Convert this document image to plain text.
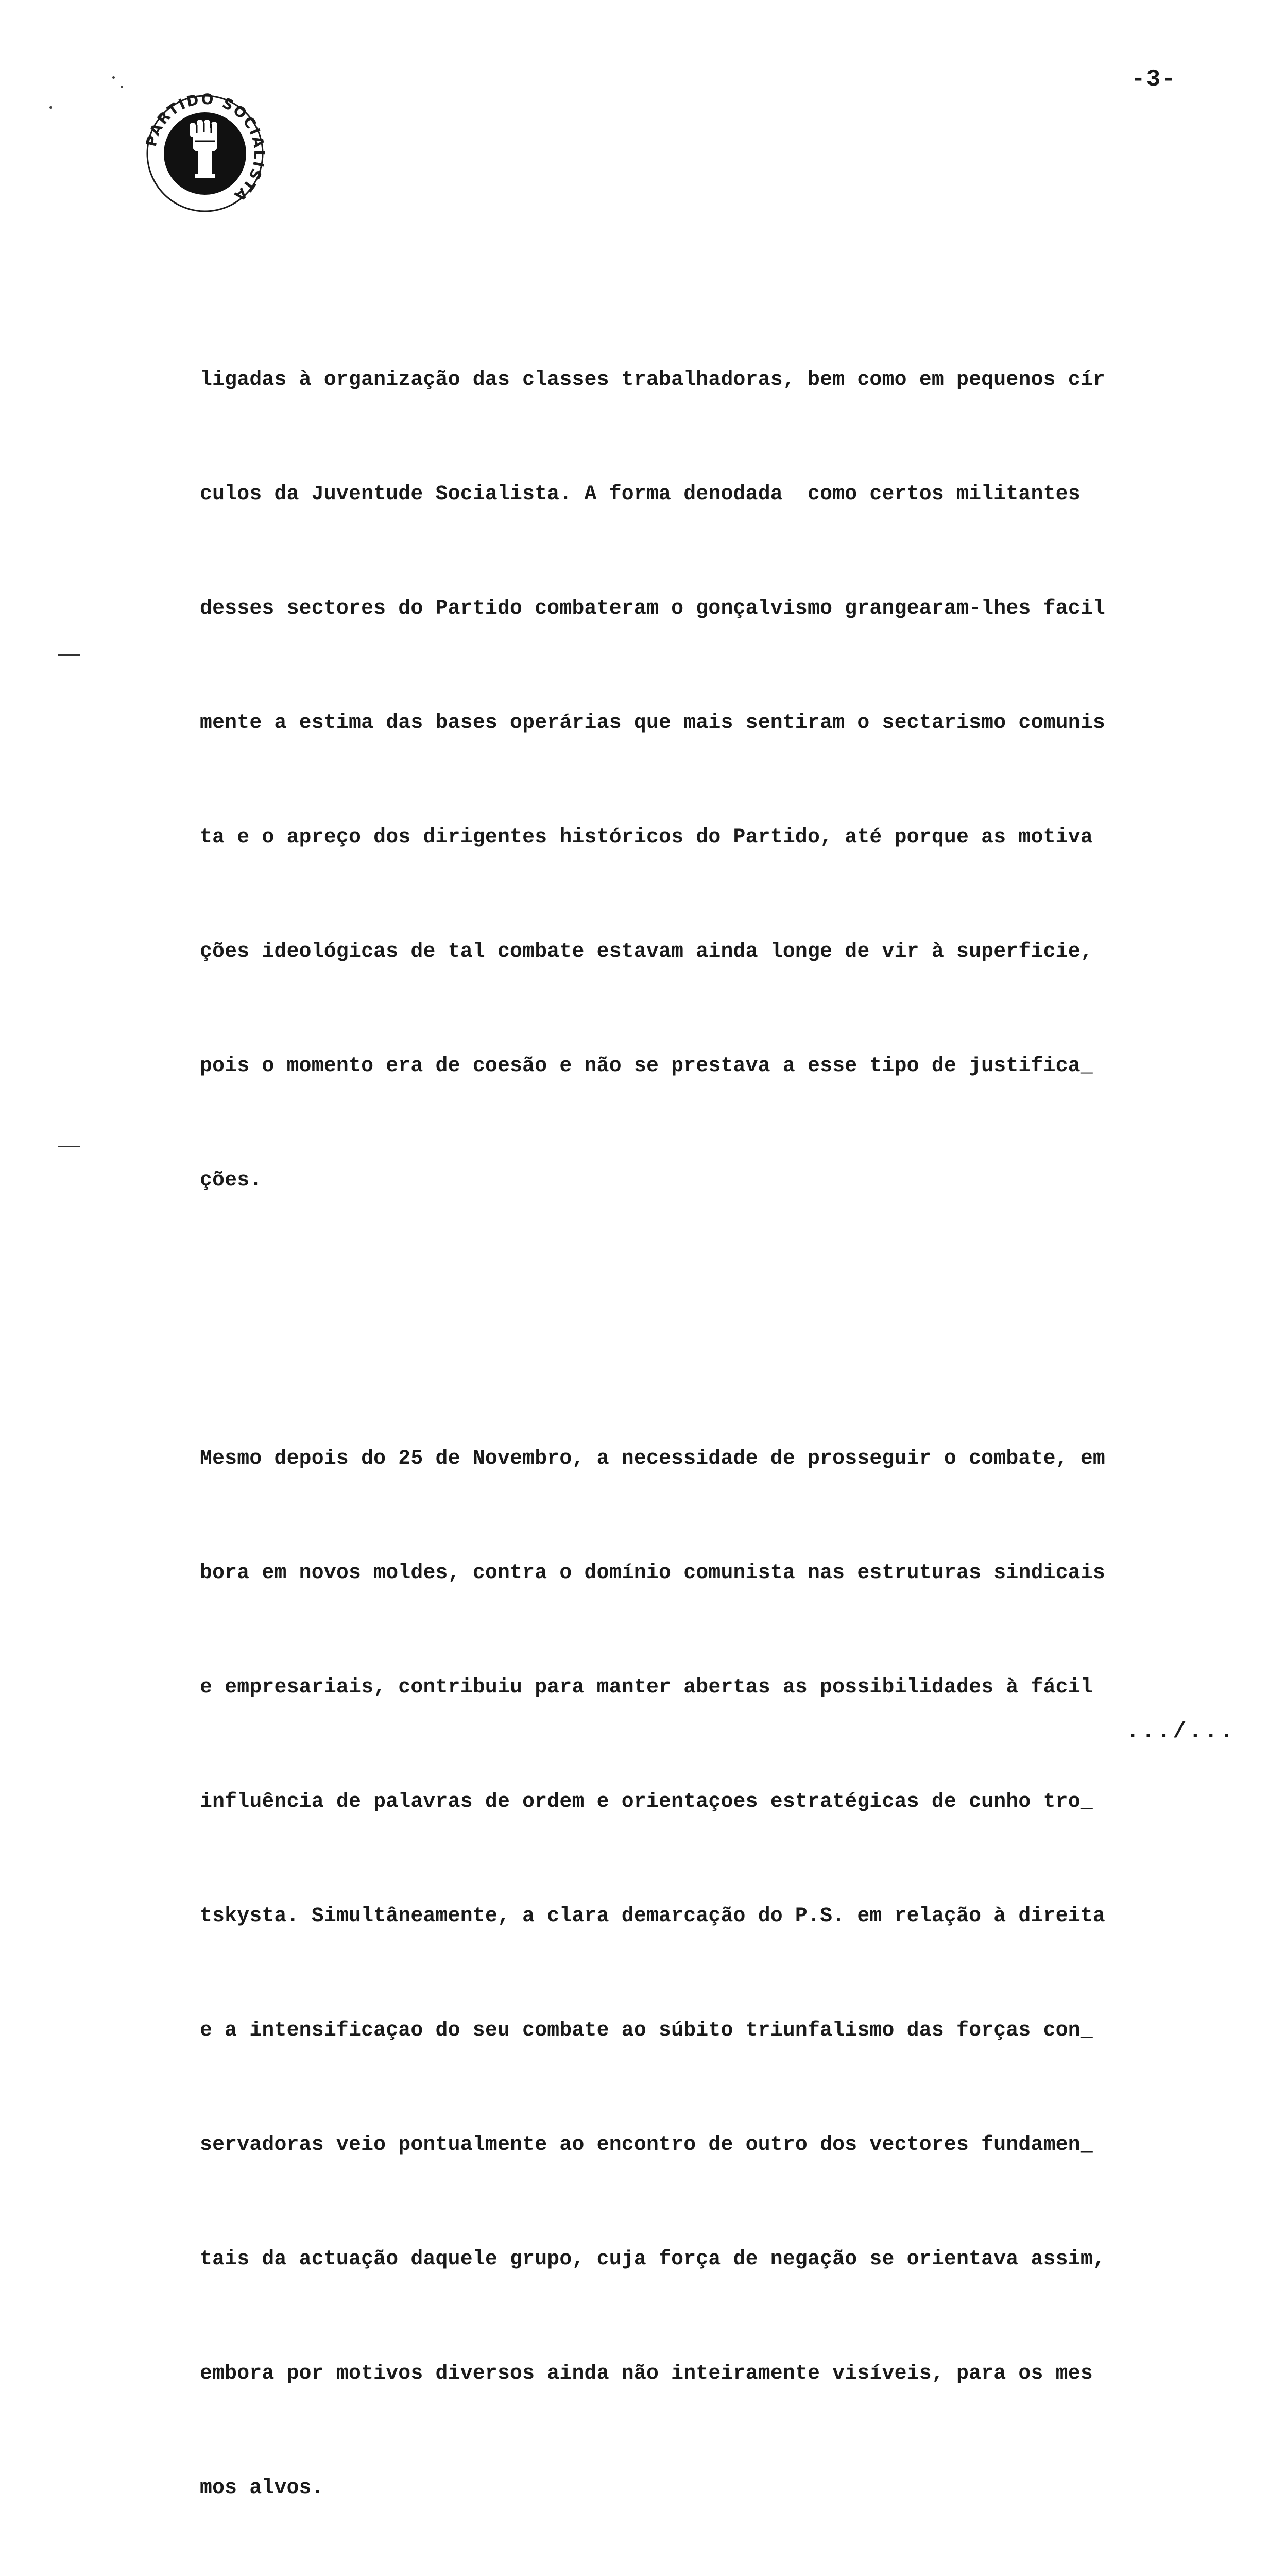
-3-
PARTIDO SOCIALISTA

ligadas à organização das classes trabalhadoras, bem como em pequenos cír

culos da Juventude Socialista. A forma denodada  como certos militantes

desses sectores do Partido combateram o gonçalvismo grangearam-lhes facil

mente a estima das bases operárias que mais sentiram o sectarismo comunis

ta e o apreço dos dirigentes históricos do Partido, até porque as motiva

ções ideológicas de tal combate estavam ainda longe de vir à superficie,

pois o momento era de coesão e não se prestava a esse tipo de justifica_

ções.

Mesmo depois do 25 de Novembro, a necessidade de prosseguir o combate, em

bora em novos moldes, contra o domínio comunista nas estruturas sindicais

e empresariais, contribuiu para manter abertas as possibilidades à fácil

influência de palavras de ordem e orientaçoes estratégicas de cunho tro_

tskysta. Simultâneamente, a clara demarcação do P.S. em relação à direita

e a intensificaçao do seu combate ao súbito triunfalismo das forças con_

servadoras veio pontualmente ao encontro de outro dos vectores fundamen_

tais da actuação daquele grupo, cuja força de negação se orientava assim,

embora por motivos diversos ainda não inteiramente visíveis, para os mes

mos alvos.

.../...
